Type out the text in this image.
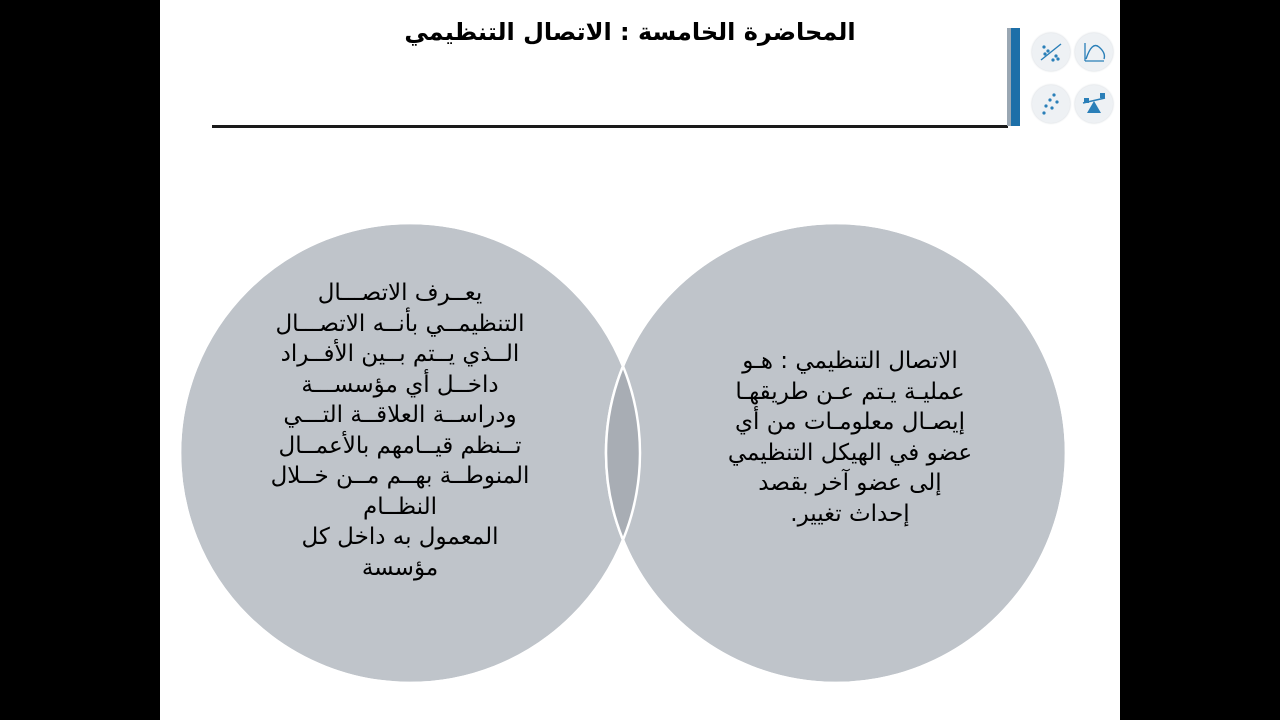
المحاضرة الخامسة : الاتصال التنظيمي
يعــرف الاتصـــال
التنظيمــي بأنــه الاتصـــال
الــذي يــتم بــين الأفــراد
داخــل أي مؤسســـة
ودراســة العلاقــة التـــي
تــنظم قيــامهم بالأعمــال
المنوطــة بهــم مــن خــلال
النظــام
المعمول به داخل كل
مؤسسة
الاتصال التنظيمي : هـو
عمليـة يـتم عـن طريقهـا
إيصـال معلومـات من أي
عضو في الهيكل التنظيمي
إلى عضو آخر بقصد
إحداث تغيير.
